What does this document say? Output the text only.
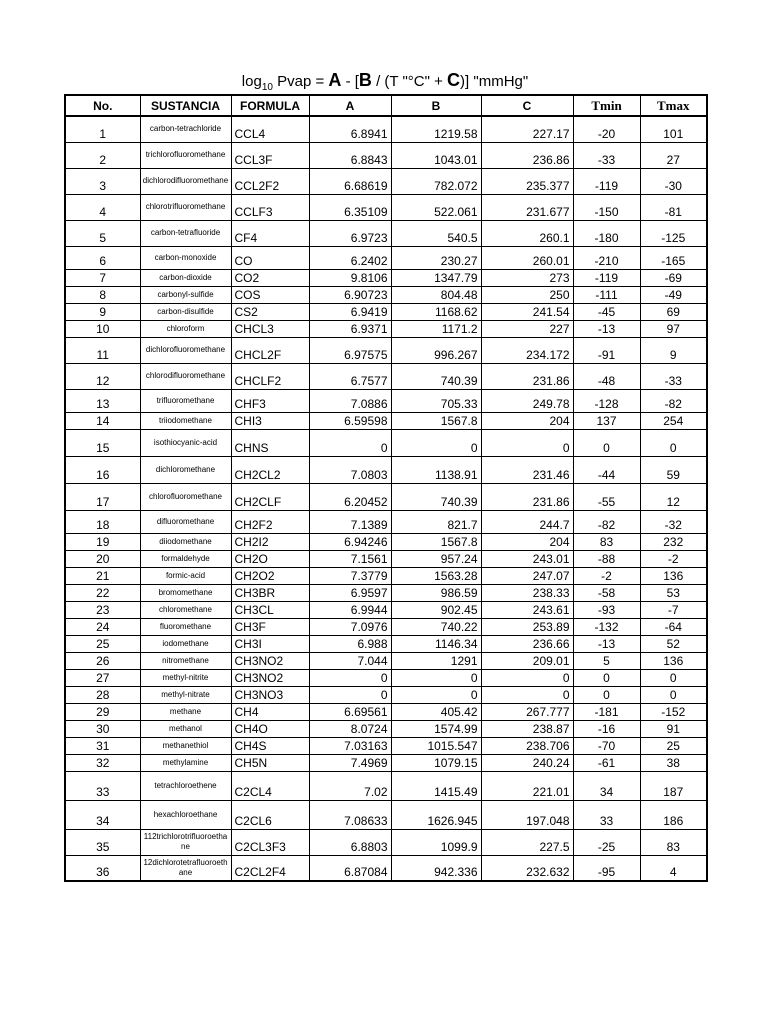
$\log_{10}$ Pvap = A - [B / (T "°C" + C)] "mmHg"
No.	SUSTANCIA	FORMULA	A	B	C	Tmin	Tmax
1	carbon-tetrachloride	CCL4	6.8941	1219.58	227.17	-20	101
2	trichlorofluoromethane	CCL3F	6.8843	1043.01	236.86	-33	27
3	dichlorodifluoromethane	CCL2F2	6.68619	782.072	235.377	-119	-30
4	chlorotrifluoromethane	CCLF3	6.35109	522.061	231.677	-150	-81
5	carbon-tetrafluoride	CF4	6.9723	540.5	260.1	-180	-125
6	carbon-monoxide	CO	6.2402	230.27	260.01	-210	-165
7	carbon-dioxide	CO2	9.8106	1347.79	273	-119	-69
8	carbonyl-sulfide	COS	6.90723	804.48	250	-111	-49
9	carbon-disulfide	CS2	6.9419	1168.62	241.54	-45	69
10	chloroform	CHCL3	6.9371	1171.2	227	-13	97
11	dichlorofluoromethane	CHCL2F	6.97575	996.267	234.172	-91	9
12	chlorodifluoromethane	CHCLF2	6.7577	740.39	231.86	-48	-33
13	trifluoromethane	CHF3	7.0886	705.33	249.78	-128	-82
14	triiodomethane	CHI3	6.59598	1567.8	204	137	254
15	isothiocyanic-acid	CHNS	0	0	0	0	0
16	dichloromethane	CH2CL2	7.0803	1138.91	231.46	-44	59
17	chlorofluoromethane	CH2CLF	6.20452	740.39	231.86	-55	12
18	difluoromethane	CH2F2	7.1389	821.7	244.7	-82	-32
19	diiodomethane	CH2I2	6.94246	1567.8	204	83	232
20	formaldehyde	CH2O	7.1561	957.24	243.01	-88	-2
21	formic-acid	CH2O2	7.3779	1563.28	247.07	-2	136
22	bromomethane	CH3BR	6.9597	986.59	238.33	-58	53
23	chloromethane	CH3CL	6.9944	902.45	243.61	-93	-7
24	fluoromethane	CH3F	7.0976	740.22	253.89	-132	-64
25	iodomethane	CH3I	6.988	1146.34	236.66	-13	52
26	nitromethane	CH3NO2	7.044	1291	209.01	5	136
27	methyl-nitrite	CH3NO2	0	0	0	0	0
28	methyl-nitrate	CH3NO3	0	0	0	0	0
29	methane	CH4	6.69561	405.42	267.777	-181	-152
30	methanol	CH4O	8.0724	1574.99	238.87	-16	91
31	methanethiol	CH4S	7.03163	1015.547	238.706	-70	25
32	methylamine	CH5N	7.4969	1079.15	240.24	-61	38
33	tetrachloroethene	C2CL4	7.02	1415.49	221.01	34	187
34	hexachloroethane	C2CL6	7.08633	1626.945	197.048	33	186
35	112trichlorotrifluoroethane	C2CL3F3	6.8803	1099.9	227.5	-25	83
36	12dichlorotetrafluoroethane	C2CL2F4	6.87084	942.336	232.632	-95	4
